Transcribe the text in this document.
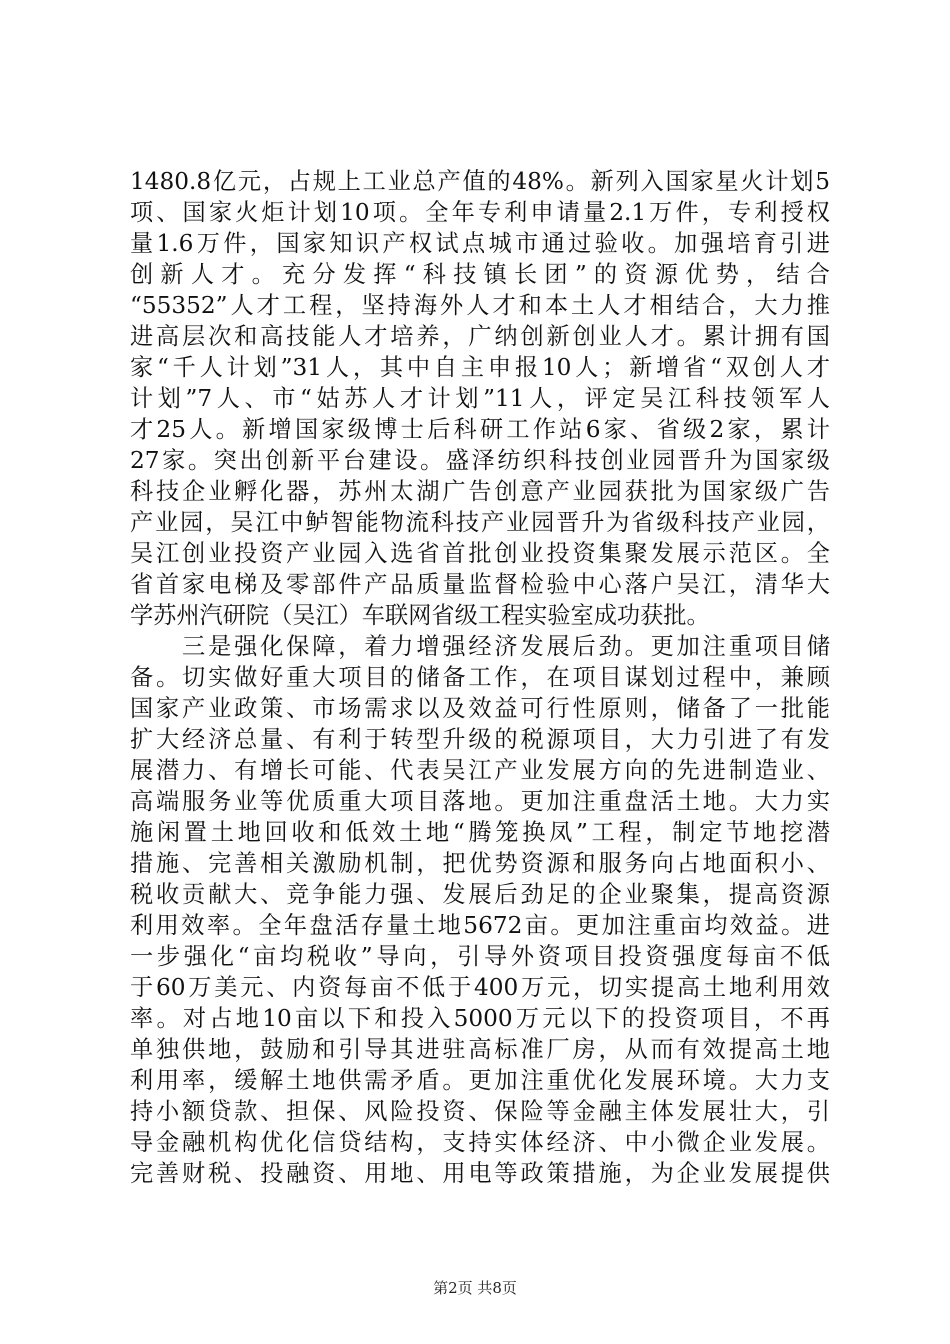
1480.8亿元，占规上工业总产值的48%。新列入国家星火计划5
项、国家火炬计划10项。全年专利申请量2.1万件，专利授权
量1.6万件，国家知识产权试点城市通过验收。加强培育引进
创新人才。充分发挥“科技镇长团”的资源优势，结合
“55352”人才工程，坚持海外人才和本土人才相结合，大力推
进高层次和高技能人才培养，广纳创新创业人才。累计拥有国
家“千人计划”31人，其中自主申报10人；新增省“双创人才
计划”7人、市“姑苏人才计划”11人，评定吴江科技领军人
才25人。新增国家级博士后科研工作站6家、省级2家，累计
27家。突出创新平台建设。盛泽纺织科技创业园晋升为国家级
科技企业孵化器，苏州太湖广告创意产业园获批为国家级广告
产业园，吴江中鲈智能物流科技产业园晋升为省级科技产业园，
吴江创业投资产业园入选省首批创业投资集聚发展示范区。全
省首家电梯及零部件产品质量监督检验中心落户吴江，清华大
学苏州汽研院（吴江）车联网省级工程实验室成功获批。
　　三是强化保障，着力增强经济发展后劲。更加注重项目储
备。切实做好重大项目的储备工作，在项目谋划过程中，兼顾
国家产业政策、市场需求以及效益可行性原则，储备了一批能
扩大经济总量、有利于转型升级的税源项目，大力引进了有发
展潜力、有增长可能、代表吴江产业发展方向的先进制造业、
高端服务业等优质重大项目落地。更加注重盘活土地。大力实
施闲置土地回收和低效土地“腾笼换凤”工程，制定节地挖潜
措施、完善相关激励机制，把优势资源和服务向占地面积小、
税收贡献大、竞争能力强、发展后劲足的企业聚集，提高资源
利用效率。全年盘活存量土地5672亩。更加注重亩均效益。进
一步强化“亩均税收”导向，引导外资项目投资强度每亩不低
于60万美元、内资每亩不低于400万元，切实提高土地利用效
率。对占地10亩以下和投入5000万元以下的投资项目，不再
单独供地，鼓励和引导其进驻高标准厂房，从而有效提高土地
利用率，缓解土地供需矛盾。更加注重优化发展环境。大力支
持小额贷款、担保、风险投资、保险等金融主体发展壮大，引
导金融机构优化信贷结构，支持实体经济、中小微企业发展。
完善财税、投融资、用地、用电等政策措施，为企业发展提供
第2页 共8页
